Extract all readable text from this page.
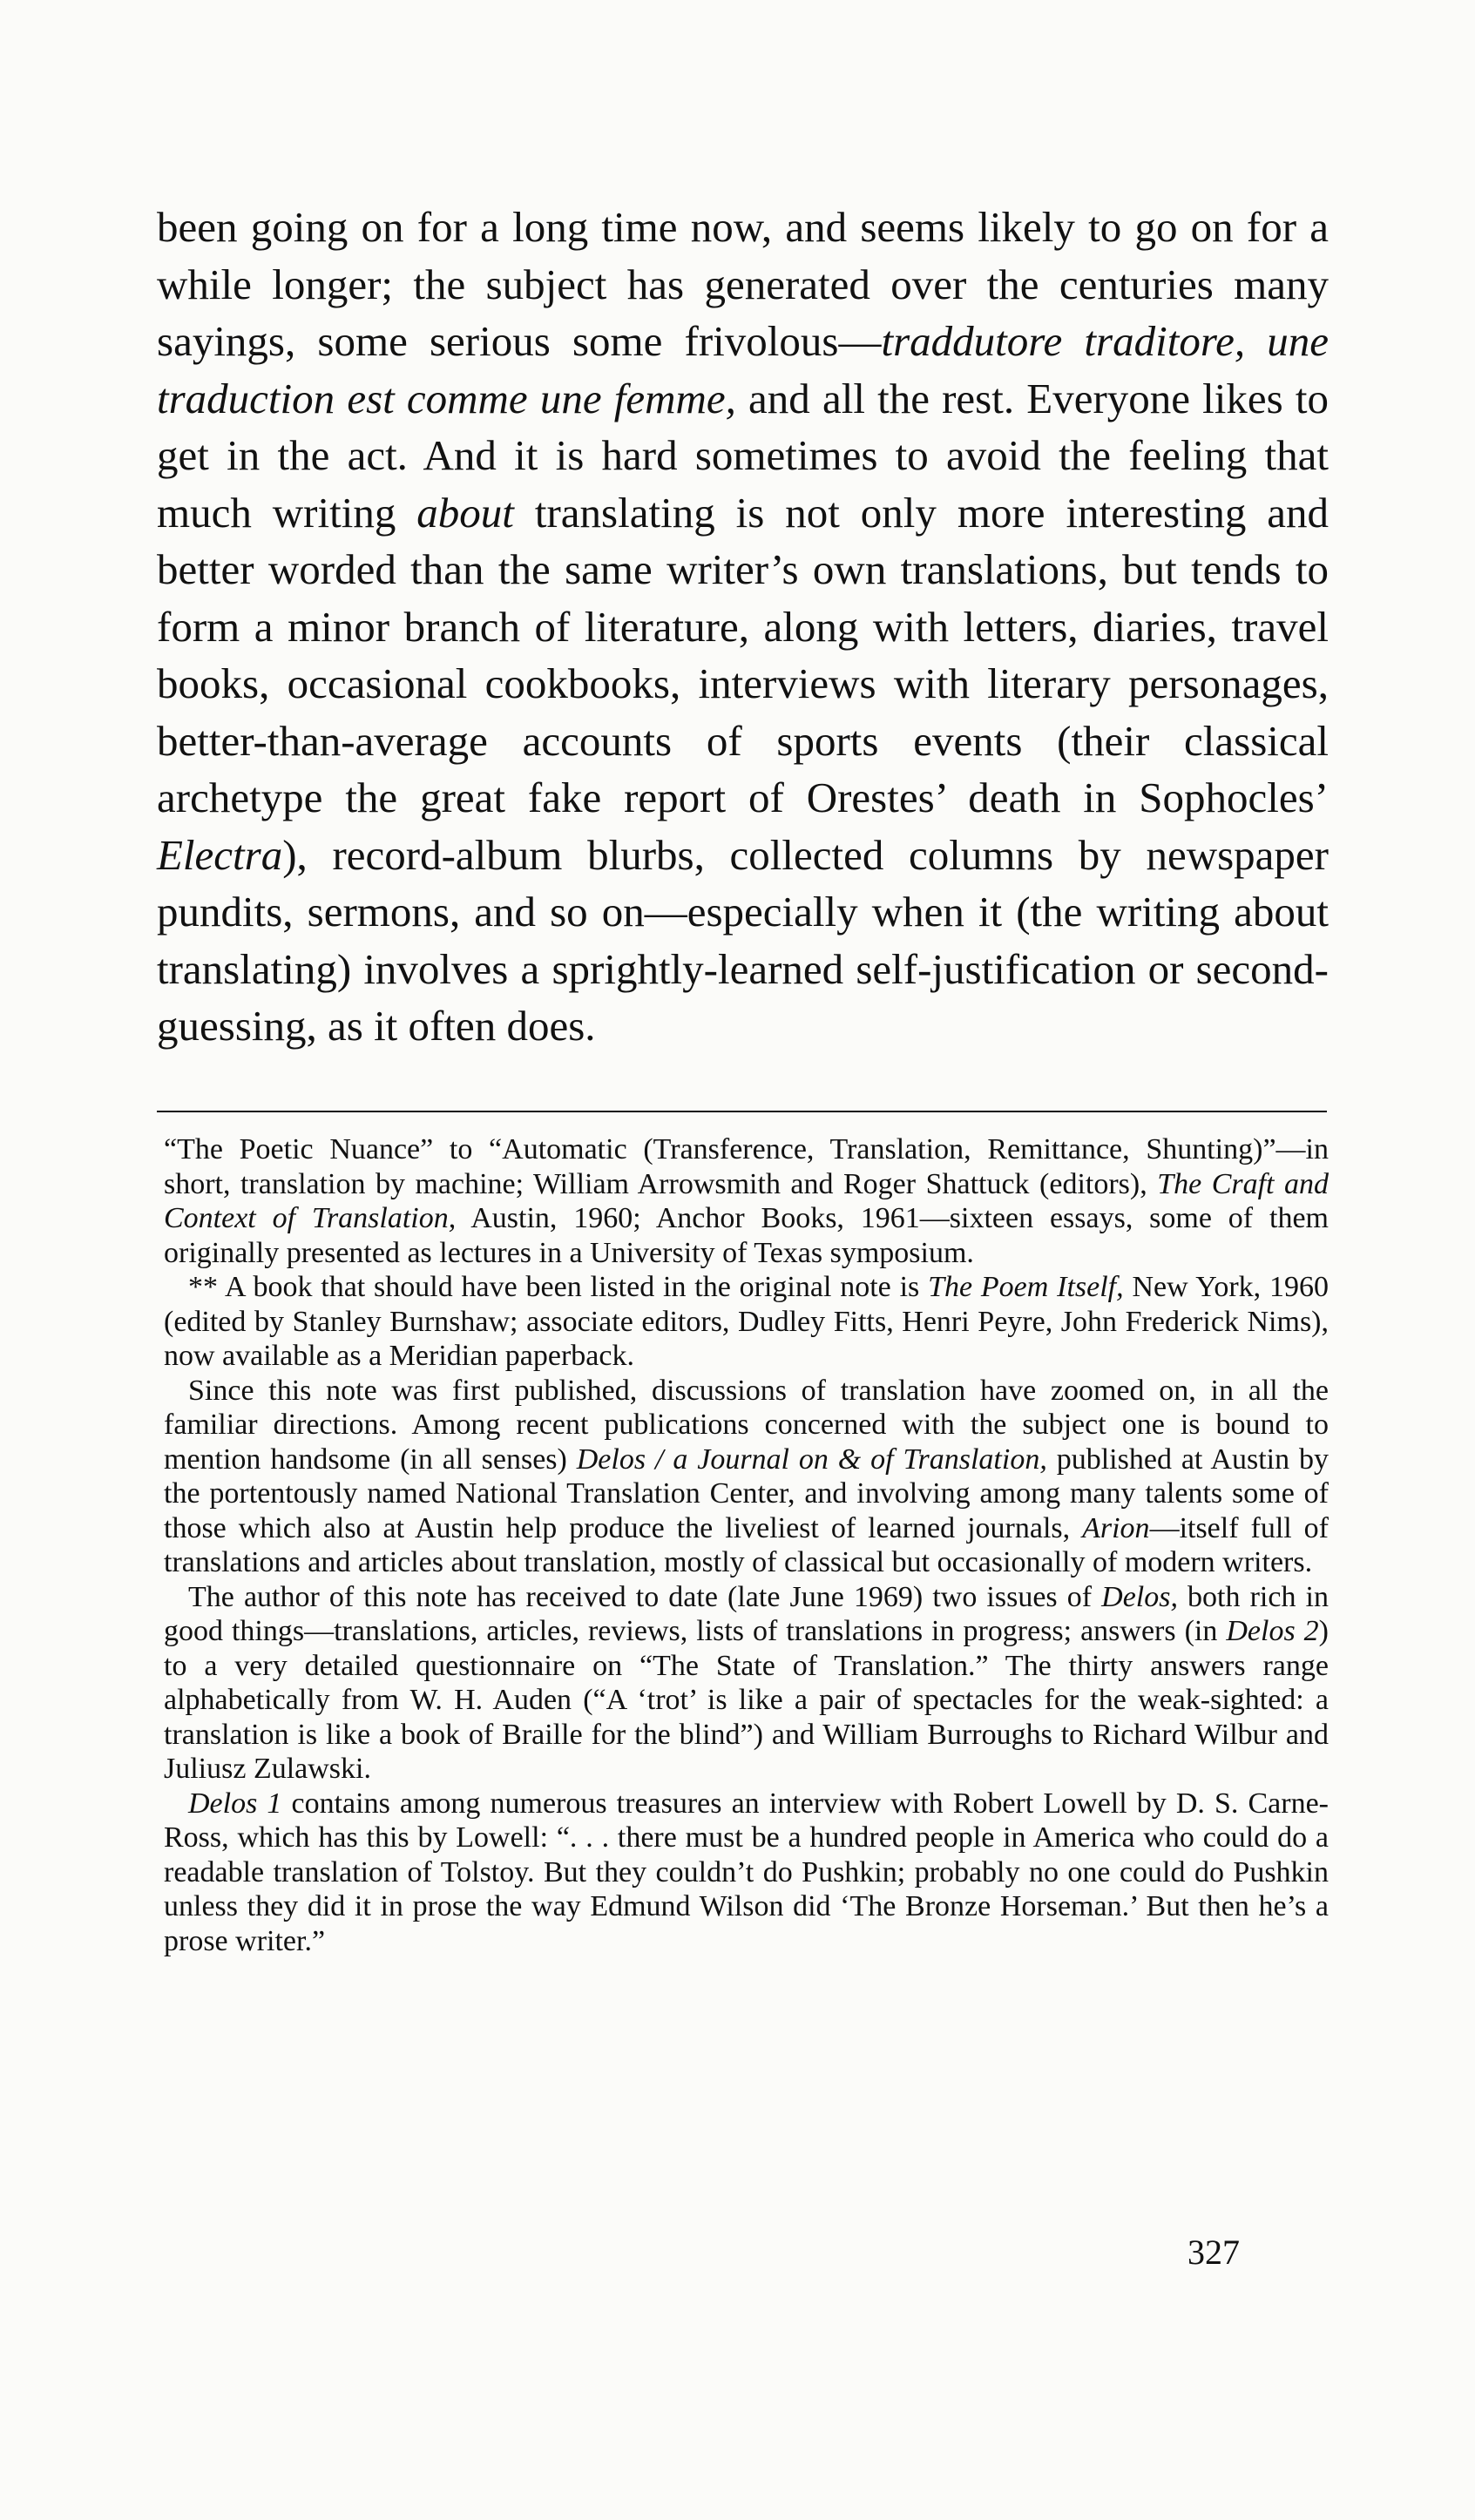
been going on for a long time now, and seems likely to go on for a while longer; the subject has generated over the centuries many sayings, some serious some frivolous—traddutore traditore, une traduction est comme une femme, and all the rest. Everyone likes to get in the act. And it is hard sometimes to avoid the feeling that much writing about translating is not only more interesting and better worded than the same writer’s own translations, but tends to form a minor branch of literature, along with letters, diaries, travel books, occasional cookbooks, interviews with literary personages, better-than-average accounts of sports events (their classical archetype the great fake report of Orestes’ death in Sophocles’ Electra), record-album blurbs, collected columns by newspaper pundits, sermons, and so on—especially when it (the writing about translating) involves a sprightly-learned self-justification or second-guessing, as it often does.

“The Poetic Nuance” to “Automatic (Transference, Translation, Remittance, Shunting)”—in short, translation by machine; William Arrowsmith and Roger Shattuck (editors), The Craft and Context of Translation, Austin, 1960; Anchor Books, 1961—sixteen essays, some of them originally presented as lectures in a University of Texas symposium.

** A book that should have been listed in the original note is The Poem Itself, New York, 1960 (edited by Stanley Burnshaw; associate editors, Dudley Fitts, Henri Peyre, John Frederick Nims), now available as a Meridian paperback.

Since this note was first published, discussions of translation have zoomed on, in all the familiar directions. Among recent publications concerned with the subject one is bound to mention handsome (in all senses) Delos / a Journal on & of Translation, published at Austin by the portentously named National Translation Center, and involving among many talents some of those which also at Austin help produce the liveliest of learned journals, Arion—itself full of translations and articles about translation, mostly of classical but occasionally of modern writers.

The author of this note has received to date (late June 1969) two issues of Delos, both rich in good things—translations, articles, reviews, lists of translations in progress; answers (in Delos 2) to a very detailed questionnaire on “The State of Translation.” The thirty answers range alphabetically from W. H. Auden (“A ‘trot’ is like a pair of spectacles for the weak-sighted: a translation is like a book of Braille for the blind”) and William Burroughs to Richard Wilbur and Juliusz Zulawski.

Delos 1 contains among numerous treasures an interview with Robert Lowell by D. S. Carne-Ross, which has this by Lowell: “. . . there must be a hundred people in America who could do a readable translation of Tolstoy. But they couldn’t do Pushkin; probably no one could do Pushkin unless they did it in prose the way Edmund Wilson did ‘The Bronze Horseman.’ But then he’s a prose writer.”

327
